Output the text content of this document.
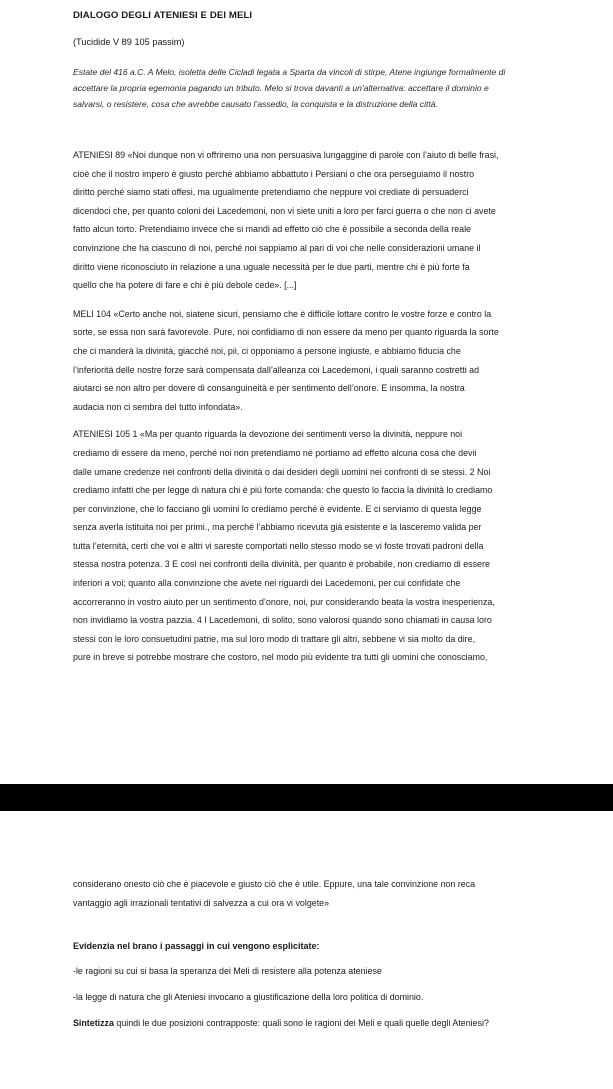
DIALOGO DEGLI ATENIESI E DEI MELI
(Tucidide V 89 105 passim)
Estate del 416 a.C. A Melo, isoletta delle Cicladi legata a Sparta da vincoli di stirpe, Atene ingiunge formalmente di
accettare la propria egemonia pagando un tributo. Melo si trova davanti a un’alternativa: accettare il dominio e
salvarsi, o resistere, cosa che avrebbe causato l’assedio, la conquista e la distruzione della città.
ATENIESI 89 «Noi dunque non vi offriremo una non persuasiva lungaggine di parole con l’aiuto di belle frasi,
cioè che il nostro impero è giusto perché abbiamo abbattuto i Persiani o che ora perseguiamo il nostro
diritto perché siamo stati offesi, ma ugualmente pretendiamo che neppure voi crediate di persuaderci
dicendoci che, per quanto coloni dei Lacedemoni, non vi siete uniti a loro per farci guerra o che non ci avete
fatto alcun torto. Pretendiamo invece che si mandi ad effetto ciò che è possibile a seconda della reale
convinzione che ha ciascuno di noi, perché noi sappiamo al pari di voi che nelle considerazioni umane il
diritto viene riconosciuto in relazione a una uguale necessità per le due parti, mentre chi è più forte fa
quello che ha potere di fare e chi è più debole cede». [...]
MELI 104 «Certo anche noi, siatene sicuri, pensiamo che è difficile lottare contro le vostre forze e contro la
sorte, se essa non sarà favorevole. Pure, noi confidiamo di non essere da meno per quanto riguarda la sorte
che ci manderà la divinità, giacché noi, pii, ci opponiamo a persone ingiuste, e abbiamo fiducia che
l’inferiorità delle nostre forze sarà compensata dall’alleanza coi Lacedemoni, i quali saranno costretti ad
aiutarci se non altro per dovere di consanguineità e per sentimento dell’onore. E insomma, la nostra
audacia non ci sembra del tutto infondata».
ATENIESI 105 1 «Ma per quanto riguarda la devozione dei sentimenti verso la divinità, neppure noi
crediamo di essere da meno, perché noi non pretendiamo né portiamo ad effetto alcuna cosa che devii
dalle umane credenze nei confronti della divinità o dai desideri degli uomini nei confronti di se stessi. 2 Noi
crediamo infatti che per legge di natura chi è più forte comanda: che questo lo faccia la divinità lo crediamo
per convinzione, che lo facciano gli uomini lo crediamo perché è evidente. E ci serviamo di questa legge
senza averla istituita noi per primi., ma perché l’abbiamo ricevuta già esistente e la lasceremo valida per
tutta l’eternità, certi che voi e altri vi sareste comportati nello stesso modo se vi foste trovati padroni della
stessa nostra potenza. 3 E così nei confronti della divinità, per quanto è probabile, non crediamo di essere
inferiori a voi; quanto alla convinzione che avete nei riguardi dei Lacedemoni, per cui confidate che
accorreranno in vostro aiuto per un sentimento d’onore, noi, pur considerando beata la vostra inesperienza,
non invidiamo la vostra pazzia. 4 I Lacedemoni, di solito, sono valorosi quando sono chiamati in causa loro
stessi con le loro consuetudini patrie, ma sul loro modo di trattare gli altri, sebbene vi sia molto da dire,
pure in breve si potrebbe mostrare che costoro, nel modo più evidente tra tutti gli uomini che conosciamo,
considerano onesto ciò che è piacevole e giusto ciò che è utile. Eppure, una tale convinzione non reca
vantaggio agli irrazionali tentativi di salvezza a cui ora vi volgete»
Evidenzia nel brano i passaggi in cui vengono esplicitate:
-le ragioni su cui si basa la speranza dei Meli di resistere alla potenza ateniese
-la legge di natura che gli Ateniesi invocano a giustificazione della loro politica di dominio.
Sintetizza quindi le due posizioni contrapposte: quali sono le ragioni dei Meli e quali quelle degli Ateniesi?
